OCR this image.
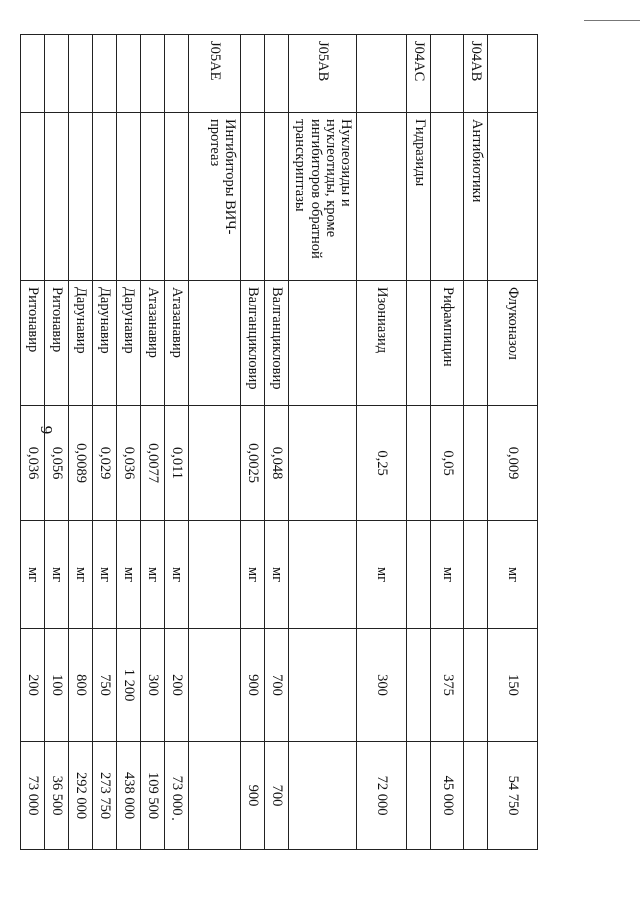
9
		Флуконазол	0,009	мг	150	54 750
J04AB	Антибиотики					
		Рифампицин	0,05	мг	375	45 000
J04AC	Гидразиды					
		Изониазид	0,25	мг	300	72 000
J05AB	Нуклеозиды и нуклеотиды, кроме ингибиторов обратной транскриптазы					
		Валганцикловир	0,048	мг	700	700
		Валганцикловир	0,0025	мг	900	900
J05AE	Ингибиторы ВИЧ-протеаз					
		Атазанавир	0,011	мг	200	73 000
		Атазанавир	0,0077	мг	300	109 500
		Дарунавир	0,036	мг	1 200	438 000
		Дарунавир	0,029	мг	750	273 750
		Дарунавир	0,0089	мг	800	292 000
		Ритонавир	0,056	мг	100	36 500
		Ритонавир	0,036	мг	200	73 000
